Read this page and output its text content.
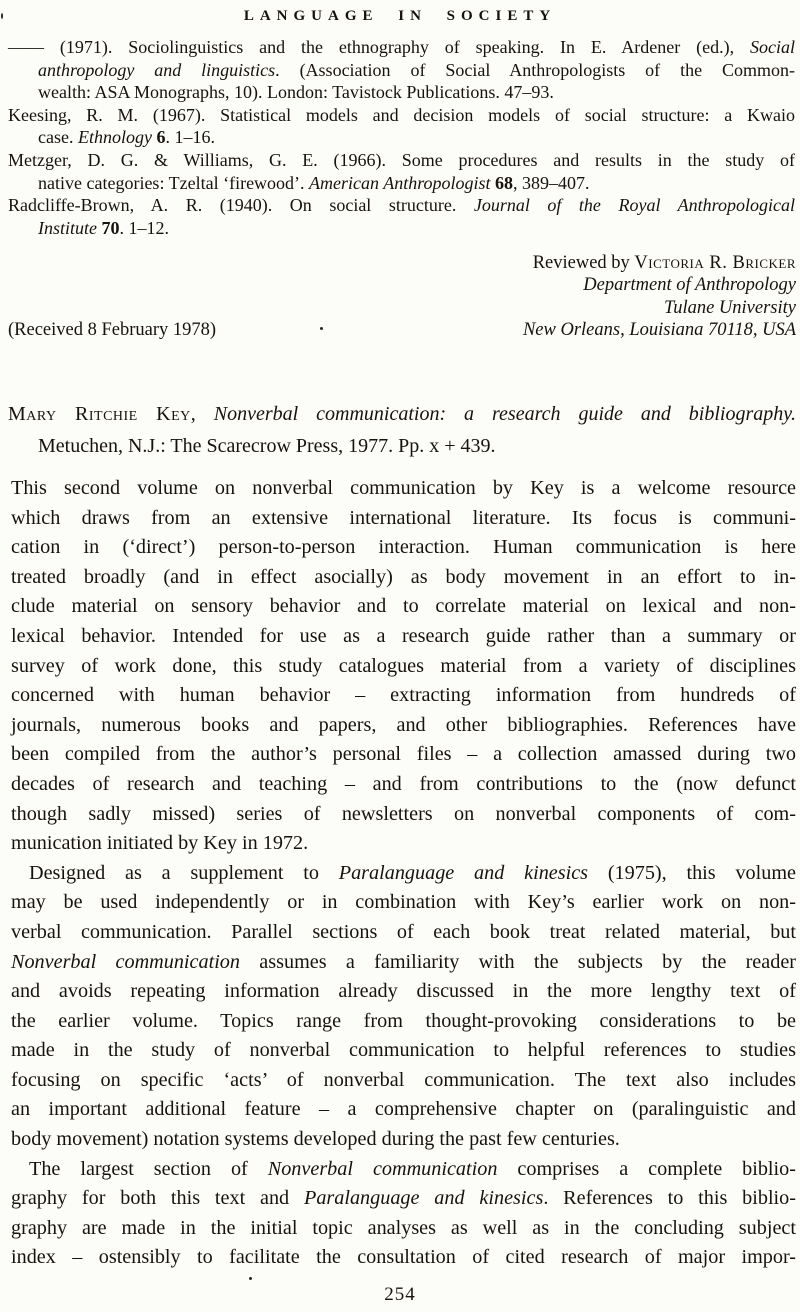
LANGUAGE IN SOCIETY
—— (1971). Sociolinguistics and the ethnography of speaking. In E. Ardener (ed.), Social
anthropology and linguistics. (Association of Social Anthropologists of the Common-
wealth: ASA Monographs, 10). London: Tavistock Publications. 47–93.
Keesing, R. M. (1967). Statistical models and decision models of social structure: a Kwaio
case. Ethnology 6. 1–16.
Metzger, D. G. & Williams, G. E. (1966). Some procedures and results in the study of
native categories: Tzeltal ‘firewood’. American Anthropologist 68, 389–407.
Radcliffe-Brown, A. R. (1940). On social structure. Journal of the Royal Anthropological
Institute 70. 1–12.
(Received 8 February 1978)
Reviewed by Victoria R. Bricker
Department of Anthropology
Tulane University
New Orleans, Louisiana 70118, USA
Mary Ritchie Key, Nonverbal communication: a research guide and bibliography.
Metuchen, N.J.: The Scarecrow Press, 1977. Pp. x + 439.
This second volume on nonverbal communication by Key is a welcome resource
which draws from an extensive international literature. Its focus is communi-
cation in (‘direct’) person-to-person interaction. Human communication is here
treated broadly (and in effect asocially) as body movement in an effort to in-
clude material on sensory behavior and to correlate material on lexical and non-
lexical behavior. Intended for use as a research guide rather than a summary or
survey of work done, this study catalogues material from a variety of disciplines
concerned with human behavior – extracting information from hundreds of
journals, numerous books and papers, and other bibliographies. References have
been compiled from the author’s personal files – a collection amassed during two
decades of research and teaching – and from contributions to the (now defunct
though sadly missed) series of newsletters on nonverbal components of com-
munication initiated by Key in 1972.
Designed as a supplement to Paralanguage and kinesics (1975), this volume
may be used independently or in combination with Key’s earlier work on non-
verbal communication. Parallel sections of each book treat related material, but
Nonverbal communication assumes a familiarity with the subjects by the reader
and avoids repeating information already discussed in the more lengthy text of
the earlier volume. Topics range from thought-provoking considerations to be
made in the study of nonverbal communication to helpful references to studies
focusing on specific ‘acts’ of nonverbal communication. The text also includes
an important additional feature – a comprehensive chapter on (paralinguistic and
body movement) notation systems developed during the past few centuries.
The largest section of Nonverbal communication comprises a complete biblio-
graphy for both this text and Paralanguage and kinesics. References to this biblio-
graphy are made in the initial topic analyses as well as in the concluding subject
index – ostensibly to facilitate the consultation of cited research of major impor-
254
